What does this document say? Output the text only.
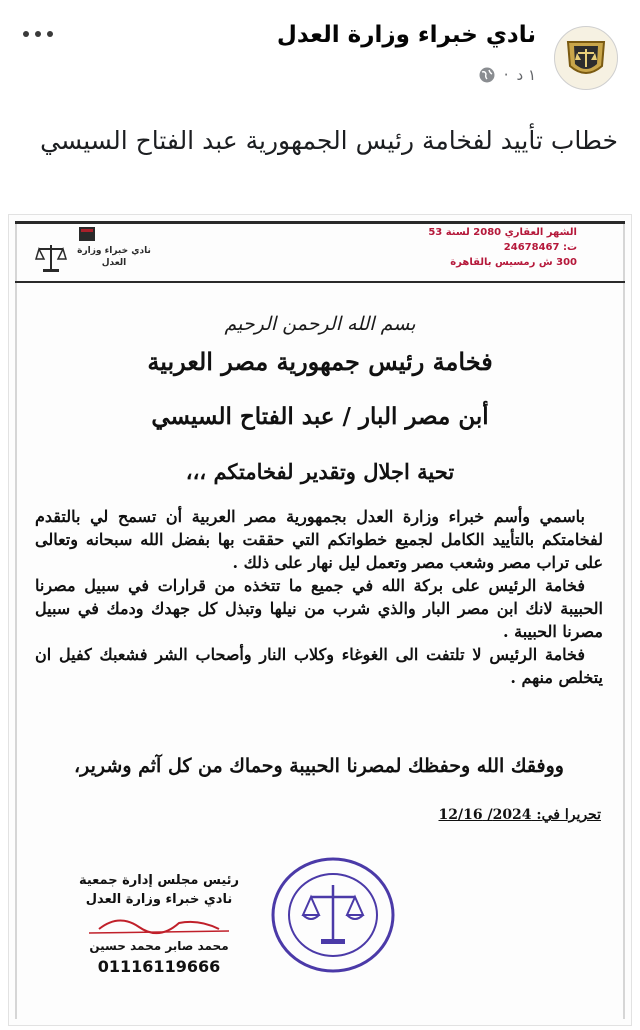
نادي خبراء وزارة العدل
١ د
·
خطاب تأييد لفخامة رئيس الجمهورية عبد الفتاح السيسي
نادي خبراء وزارة العدل
الشهر العقاري 2080 لسنة 53
ت: 24678467
300 ش رمسيس بالقاهرة
بسم الله الرحمن الرحيم
فخامة رئيس جمهورية مصر العربية
أبن مصر البار / عبد الفتاح السيسي
تحية اجلال وتقدير لفخامتكم ،،،

باسمي وأسم خبراء وزارة العدل بجمهورية مصر العربية أن تسمح لي بالتقدم لفخامتكم بالتأييد الكامل لجميع خطواتكم التي حققت بها بفضل الله سبحانه وتعالى على تراب مصر وشعب مصر وتعمل ليل نهار على ذلك .

فخامة الرئيس على بركة الله في جميع ما تتخذه من قرارات في سبيل مصرنا الحبيبة لانك ابن مصر البار والذي شرب من نيلها وتبذل كل جهدك ودمك في سبيل مصرنا الحبيبة .

فخامة الرئيس لا تلتفت الى الغوغاء وكلاب النار وأصحاب الشر فشعبك كفيل ان يتخلص منهم .

ووفقك الله وحفظك لمصرنا الحبيبة وحماك من كل آثم وشرير،
تحريرا في: 2024/ 12/16
رئيس مجلس إدارة جمعية
نادي خبراء وزارة العدل
محمد صابر محمد حسين
01116119666
